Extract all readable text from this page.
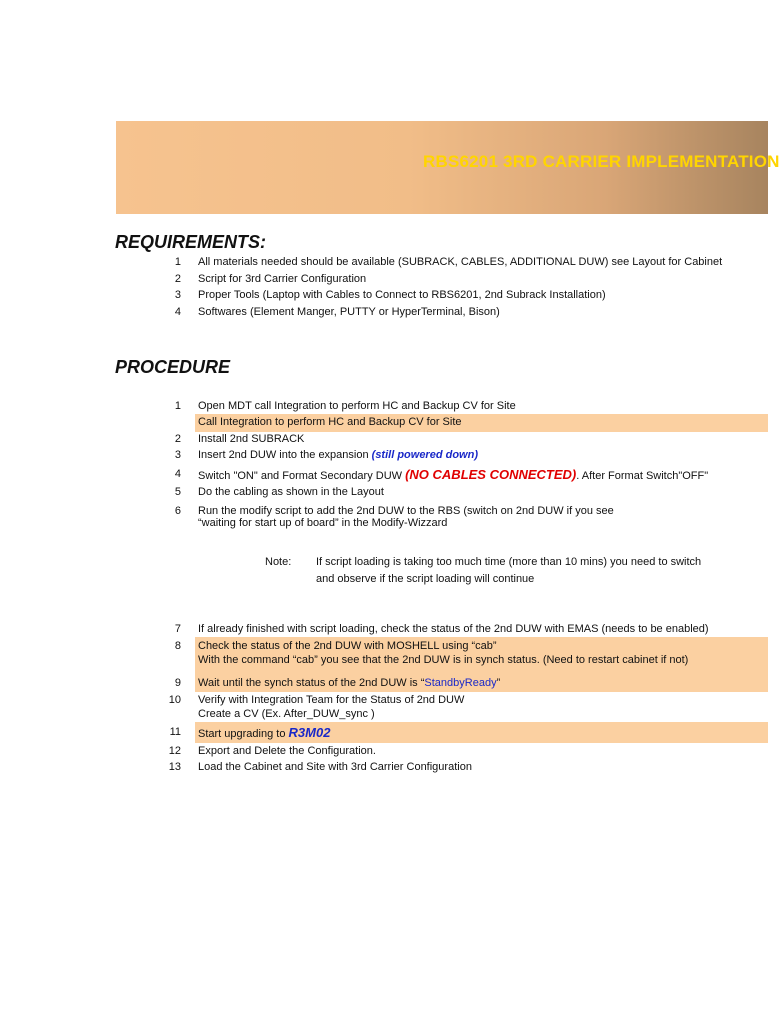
RBS6201 3RD CARRIER IMPLEMENTATION
REQUIREMENTS:
1 All materials needed should be available (SUBRACK, CABLES, ADDITIONAL DUW) see Layout for Cabinet
2 Script for 3rd Carrier Configuration
3 Proper Tools (Laptop with Cables to Connect to RBS6201, 2nd Subrack Installation)
4 Softwares (Element Manger, PUTTY or HyperTerminal, Bison)
PROCEDURE
1 Open MDT call Integration to perform HC and Backup CV for Site
Call Integration to perform HC and Backup CV for Site
2 Install 2nd SUBRACK
3 Insert 2nd DUW into the expansion (still powered down)
4 Switch "ON" and Format Secondary DUW (NO CABLES CONNECTED). After Format Switch"OFF"
5 Do the cabling as shown in the Layout
6 Run the modify script to add the 2nd DUW to the RBS (switch on 2nd DUW if you see
“waiting for start up of board” in the Modify-Wizzard
Note: If script loading is taking too much time (more than 10 mins) you need to switch
and observe if the script loading will continue
7 If already finished with script loading, check the status of the 2nd DUW with EMAS (needs to be enabled)
8 Check the status of the 2nd DUW with MOSHELL using “cab”
With the command “cab” you see that the 2nd DUW is in synch status. (Need to restart cabinet if not)
9 Wait until the synch status of the 2nd DUW is “StandbyReady”
10 Verify with Integration Team for the Status of 2nd DUW
Create a CV (Ex. After_DUW_sync )
11 Start upgrading to R3M02
12 Export and Delete the Configuration.
13 Load the Cabinet and Site with 3rd Carrier Configuration
